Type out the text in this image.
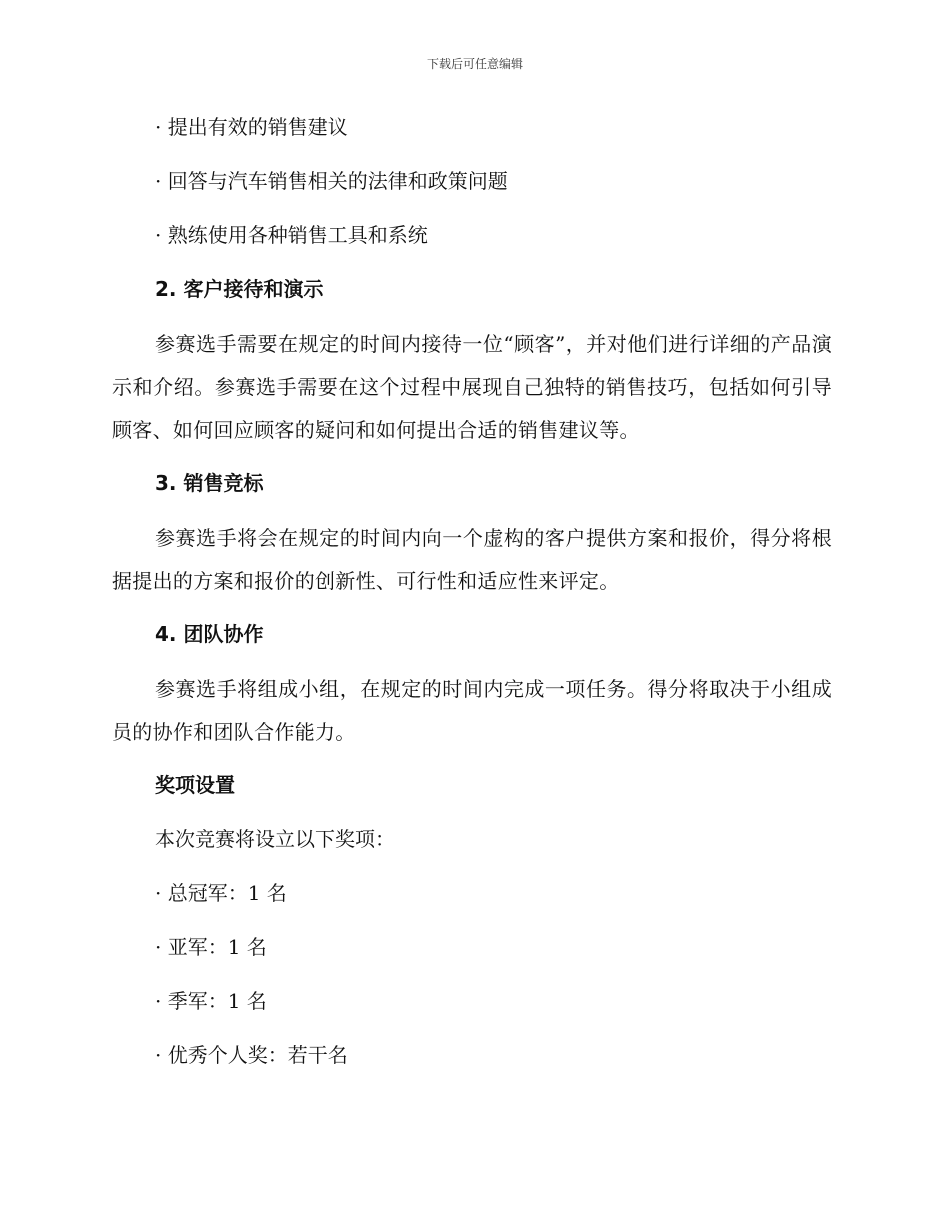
下载后可任意编辑

· 提出有效的销售建议

· 回答与汽车销售相关的法律和政策问题

· 熟练使用各种销售工具和系统

2. 客户接待和演示

参赛选手需要在规定的时间内接待一位“顾客”，并对他们进行详细的产品演示和介绍。参赛选手需要在这个过程中展现自己独特的销售技巧，包括如何引导顾客、如何回应顾客的疑问和如何提出合适的销售建议等。

3. 销售竞标

参赛选手将会在规定的时间内向一个虚构的客户提供方案和报价，得分将根据提出的方案和报价的创新性、可行性和适应性来评定。

4. 团队协作

参赛选手将组成小组，在规定的时间内完成一项任务。得分将取决于小组成员的协作和团队合作能力。

奖项设置

本次竞赛将设立以下奖项：

· 总冠军：1 名

· 亚军：1 名

· 季军：1 名

· 优秀个人奖：若干名
